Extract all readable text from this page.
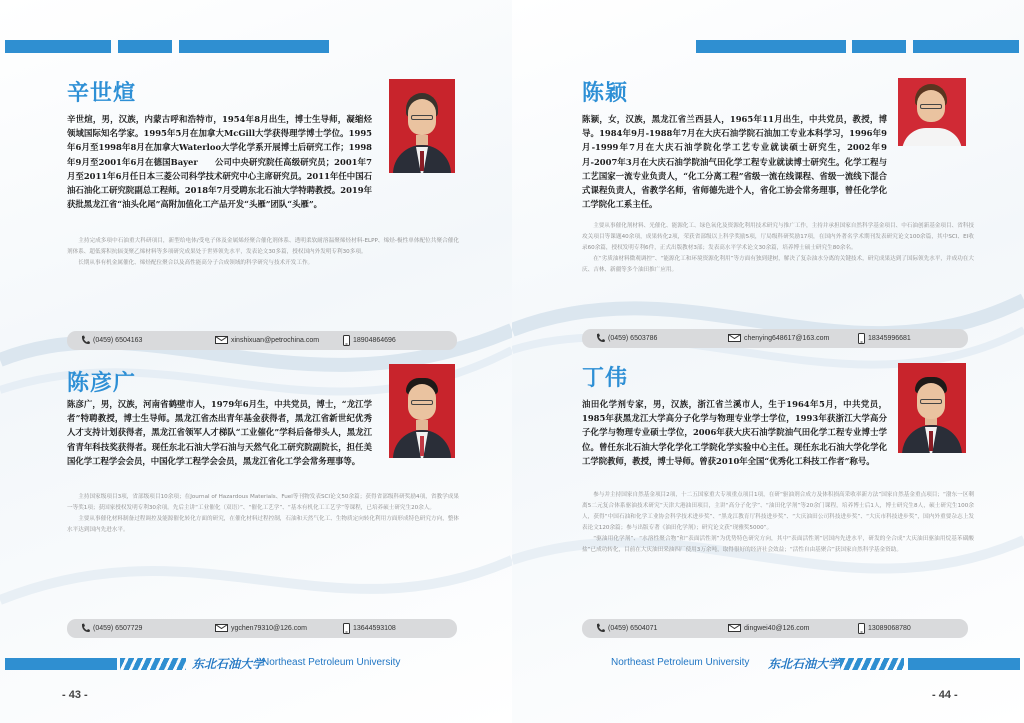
辛世煊
辛世煊，男，汉族，内蒙古呼和浩特市，1954年8月出生，博士生导师，凝缩烃领域国际知名学家。1995年5月在加拿大McGill大学获得理学博士学位。1995年6月至1998年8月在加拿大Waterloo大学化学系开展博士后研究工作；1998年9月至2001年6月在德国Bayer　　公司中央研究院任高级研究员；2001年7月至2011年6月任日本三菱公司科学技术研究中心主席研究员。2011年任中国石油石油化工研究院副总工程师。2018年7月受聘东北石油大学特聘教授。2019年获批黑龙江省“油头化尾”高附加值化工产品开发“头雁”团队“头雁”。

主持完成多项中石油重大科研项目，新型给电体/受电子体及金属烯烃聚合催化剂体系、透明柔软耐溶温聚烯烃材料-ELPP、烯烃-极性单体配位共聚合催化剂体系、超低雾积抗辐变聚乙烯材料等多项研究成果处于世界领先水平，发表论文30多篇，授权国内外发明专利30多项。

长期从事有机金属催化、烯烃配位聚合以及高性能高分子合成领域的科学研究与技术开发工作。

(0459) 6504163	xinshixuan@petrochina.com	18904864696
陈彦广
陈彦广，男，汉族，河南省鹤壁市人，1979年6月生，中共党员，博士，“龙江学者”特聘教授，博士生导师。黑龙江省杰出青年基金获得者，黑龙江省新世纪优秀人才支持计划获得者，黑龙江省领军人才梯队“工业催化”学科后备带头人，黑龙江省青年科技奖获得者。现任东北石油大学石油与天然气化工研究院副院长，担任美国化学工程学会会员，中国化学工程学会会员，黑龙江省化工学会常务理事等。

主持国家级项目3项，省部级项目10余项；在Journal of Hazardous Materials、Fuel等刊物发表SCI论文50余篇；获得省部级科研奖励4项，省教学成果一等奖1项；获国家授权发明专利30余项。先后主讲“工业催化（双语）”、“催化工艺学”、“基本有机化工工艺学”等课程，已培养硕士研究生20余人。

主要从事催化材料制备过程调控及能源催化转化方面的研究，在催化材料过程控制，石油和天然气化工、生物质定向转化利用方面形成特色研究方向，整体水平达到国内先进水平。

(0459) 6507729	ygchen79310@126.com	13644593108
东北石油大学
Northeast Petroleum University
- 43 -
陈颖
陈颖，女，汉族，黑龙江省兰西县人，1965年11月出生，中共党员，教授，博导。1984年9月-1988年7月在大庆石油学院石油加工专业本科学习，1996年9月-1999年7月在大庆石油学院化学工艺专业就读硕士研究生，2002年9月-2007年3月在大庆石油学院油气田化学工程专业就读博士研究生。化学工程与工艺国家一流专业负责人，“化工分离工程”省级一流在线课程、省级一流线下混合式课程负责人，省教学名师，省师德先进个人，省化工协会常务理事，曾任化学化工学院化工系主任。

主要从事催化剂材料、光催化、能源化工、绿色氧化及资源化利用技术研究与推广工作，主持并承担国家自然科学基金项目、中石油创新基金项目、省科技攻关项目等课题40余项，成果转化2项，荣获省部级以上科学奖励5项，厅局级科研奖励17项，在国内外著名学术期刊发表研究论文100余篇，其中SCI、EI收录60余篇，授权发明专利6件，正式出版教材3部；发表高水平学术论文30余篇，培养博士硕士研究生80余名。

在“劣质油材料微观调控”、“能源化工和环境资源化利用”等方面有独到建树，解决了复杂油水分离的关键技术，研究成果达到了国际领先水平，并成功在大庆、吉林、新疆等多个油田推广应用。

(0459) 6503786	chenying648617@163.com	18345996681
丁伟
油田化学剂专家，男，汉族，浙江省兰溪市人，生于1964年5月，中共党员，1985年获黑龙江大学高分子化学与物理专业学士学位，1993年获浙江大学高分子化学与物理专业硕士学位，2006年获大庆石油学院油气田化学工程专业博士学位。曾任东北石油大学化学化工学院化学实验中心主任。现任东北石油大学化学化工学院教师，教授，博士导师。曾获2010年全国“优秀化工科技工作者”称号。

参与并主持国家自然基金项目2项，十二五国家重大专项重点项目1项，在研“驱油剂合成方及体积损高采收率新方法”国家自然基金重点项目；“渤东一区剩离5二元复合体系驱油技术研究”天津大港油田项目，主讲“高分子化学”、“油田化学剂”等20余门课程，培养博士后1人，博士研究生8人，硕士研究生100余人，获得“中国石油和化学工业协会科学技术进步奖”、“黑龙江教育厅科技进步奖”、“大庆油田公司科技进步奖”、“大庆市科技进步奖”，国内外重要杂志上发表论文120余篇；参与出版专著《油田化学剂》；研究论文获“现雅奖5000”。

“驱油用化学剂”、“水溶性聚合物”和“表面活性剂”为优势特色研究方向，其中“表面活性剂”居国内先进水平，研发的全合成“大庆油田驱油用烷基苯磺酸盐”已成功转化，目前在大庆油田采油四厂使用3万余吨，取得很好的经济社会效益；“活性自由基聚合”获国家自然科学基金资助。

(0459) 6504071	dingwei40@126.com	13089068780
Northeast Petroleum University 东北石油大学
- 44 -
